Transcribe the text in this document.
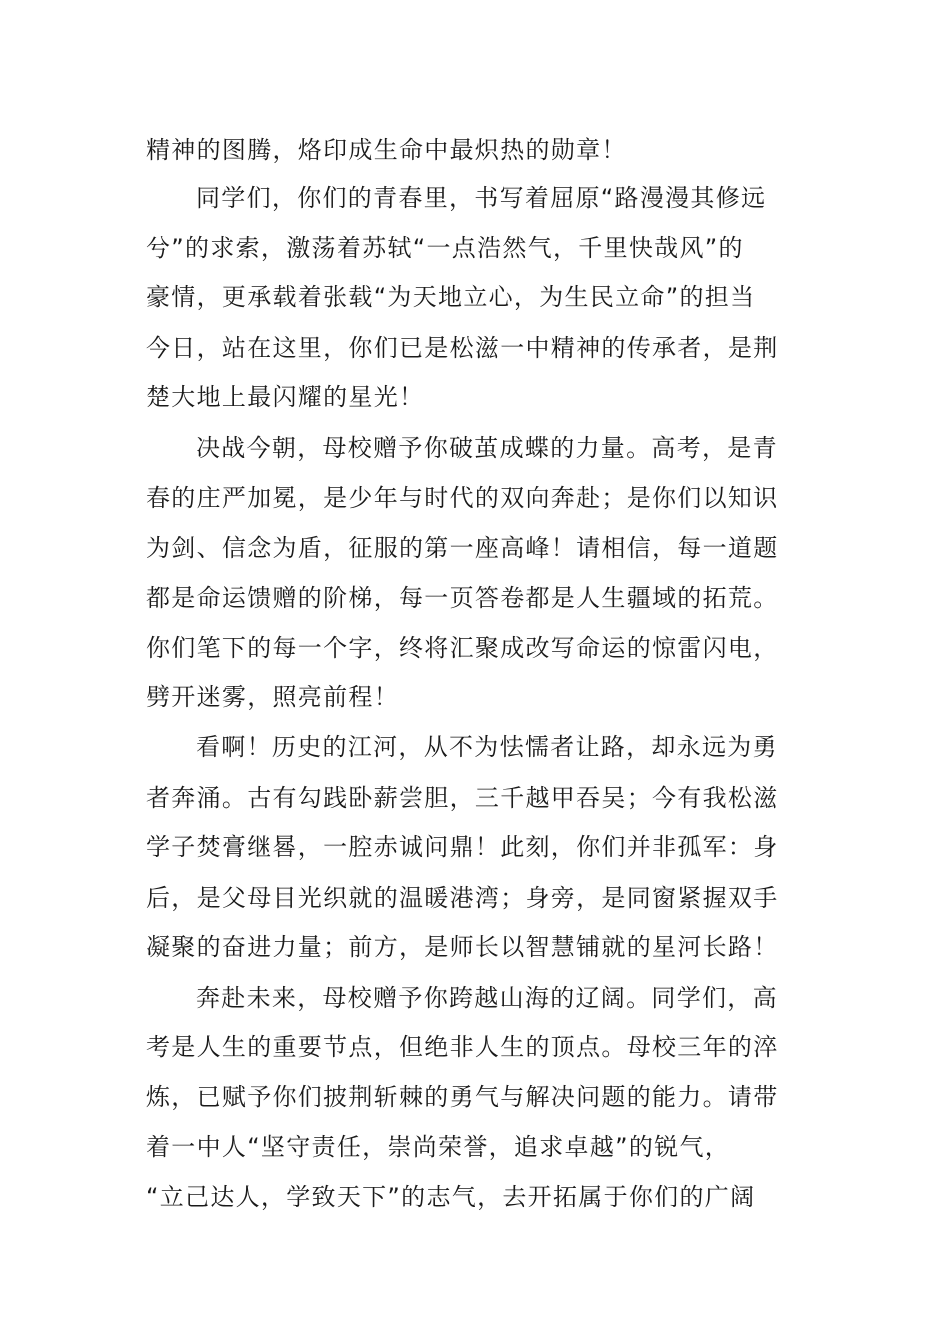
精神的图腾，烙印成生命中最炽热的勋章！
同学们，你们的青春里，书写着屈原“路漫漫其修远
兮”的求索，激荡着苏轼“一点浩然气，千里快哉风”的
豪情，更承载着张载“为天地立心，为生民立命”的担当
今日，站在这里，你们已是松滋一中精神的传承者，是荆
楚大地上最闪耀的星光！
决战今朝，母校赠予你破茧成蝶的力量。高考，是青
春的庄严加冕，是少年与时代的双向奔赴；是你们以知识
为剑、信念为盾，征服的第一座高峰！请相信，每一道题
都是命运馈赠的阶梯，每一页答卷都是人生疆域的拓荒。
你们笔下的每一个字，终将汇聚成改写命运的惊雷闪电，
劈开迷雾，照亮前程！
看啊！历史的江河，从不为怯懦者让路，却永远为勇
者奔涌。古有勾践卧薪尝胆，三千越甲吞吴；今有我松滋
学子焚膏继晷，一腔赤诚问鼎！此刻，你们并非孤军：身
后，是父母目光织就的温暖港湾；身旁，是同窗紧握双手
凝聚的奋进力量；前方，是师长以智慧铺就的星河长路！
奔赴未来，母校赠予你跨越山海的辽阔。同学们，高
考是人生的重要节点，但绝非人生的顶点。母校三年的淬
炼，已赋予你们披荆斩棘的勇气与解决问题的能力。请带
着一中人“坚守责任，崇尚荣誉，追求卓越”的锐气，
“立己达人，学致天下”的志气，去开拓属于你们的广阔
